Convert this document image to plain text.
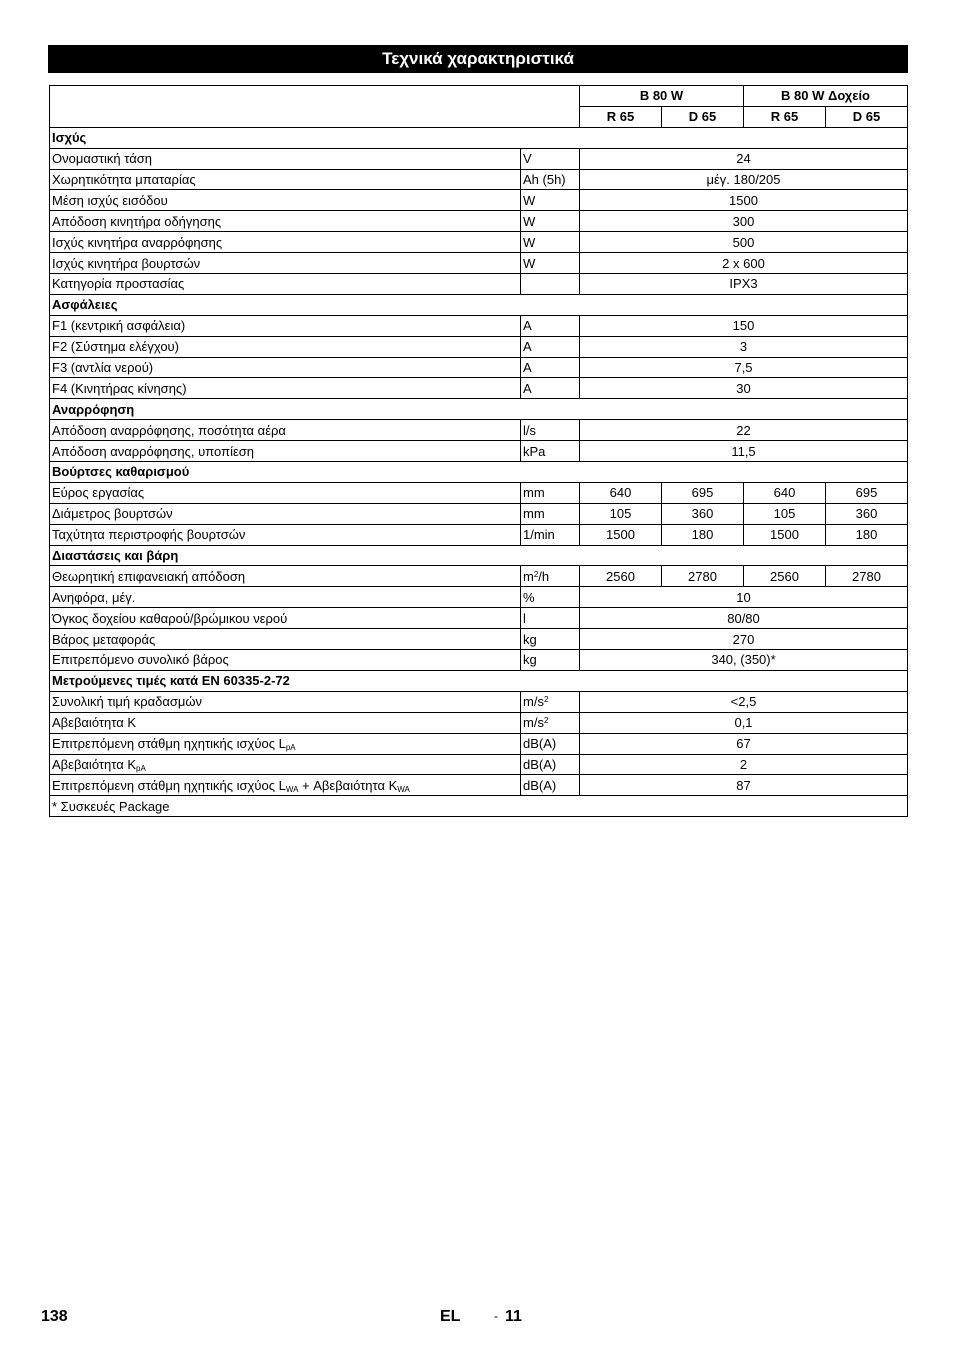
Τεχνικά χαρακτηριστικά
		B 80 W		B 80 W Δοχείο	
		R 65	D 65	R 65	D 65
Ισχύς					
Ονομαστική τάση	V	24			
Χωρητικότητα μπαταρίας	Ah (5h)	μέγ. 180/205			
Μέση ισχύς εισόδου	W	1500			
Απόδοση κινητήρα οδήγησης	W	300			
Ισχύς κινητήρα αναρρόφησης	W	500			
Ισχύς κινητήρα βουρτσών	W	2 x 600			
Κατηγορία προστασίας		IPX3			
Ασφάλειες					
F1 (κεντρική ασφάλεια)	A	150			
F2 (Σύστημα ελέγχου)	A	3			
F3 (αντλία νερού)	A	7,5			
F4 (Κινητήρας κίνησης)	A	30			
Αναρρόφηση					
Απόδοση αναρρόφησης, ποσότητα αέρα	l/s	22			
Απόδοση αναρρόφησης, υποπίεση	kPa	11,5			
Βούρτσες καθαρισμού					
Εύρος εργασίας	mm	640	695	640	695
Διάμετρος βουρτσών	mm	105	360	105	360
Ταχύτητα περιστροφής βουρτσών	1/min	1500	180	1500	180
Διαστάσεις και βάρη					
Θεωρητική επιφανειακή απόδοση	$m^2/h$	2560	2780	2560	2780
Ανηφόρα, μέγ.	%	10			
Όγκος δοχείου καθαρού/βρώμικου νερού	l	80/80			
Βάρος μεταφοράς	kg	270			
Επιτρεπόμενο συνολικό βάρος	kg	340, (350)*			
Μετρούμενες τιμές κατά EN 60335-2-72					
Συνολική τιμή κραδασμών	$m/s^2$	<2,5			
Αβεβαιότητα K	$m/s^2$	0,1			
Επιτρεπόμενη στάθμη ηχητικής ισχύος $L_{pA}$	dB(A)	67			
Αβεβαιότητα $K_{pA}$	dB(A)	2			
Επιτρεπόμενη στάθμη ηχητικής ισχύος $L_{WA} + A\beta\varepsilon\beta\alpha\iota ό\tau\eta\tau\alpha$ $K_{WA}$	dB(A)	87			
* Συσκευές Package					
138	EL	- 11
